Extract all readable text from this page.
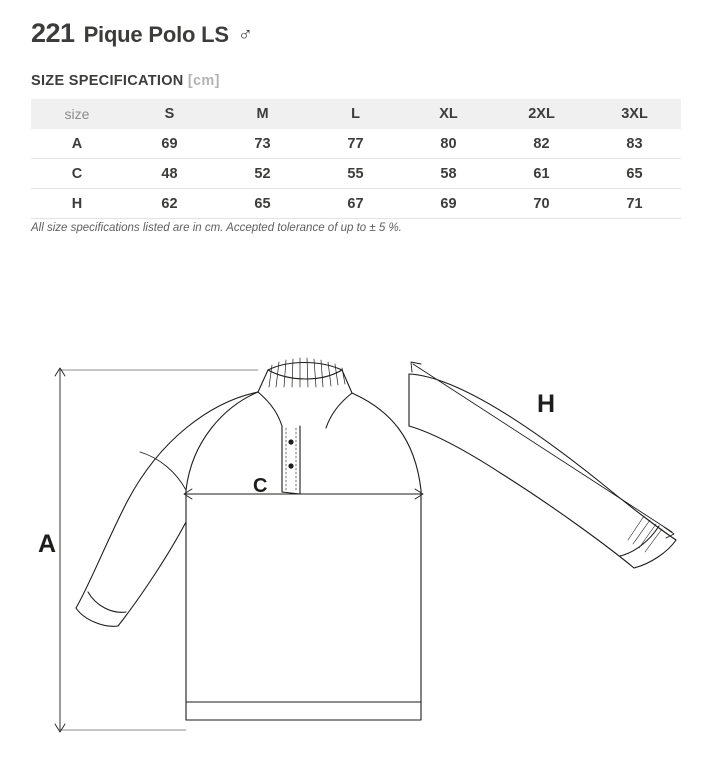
221 Pique Polo LS ♂
SIZE SPECIFICATION [cm]
size	S	M	L	XL	2XL	3XL
A	69	73	77	80	82	83
C	48	52	55	58	61	65
H	62	65	67	69	70	71
All size specifications listed are in cm. Accepted tolerance of up to ± 5 %.
A
C
H
